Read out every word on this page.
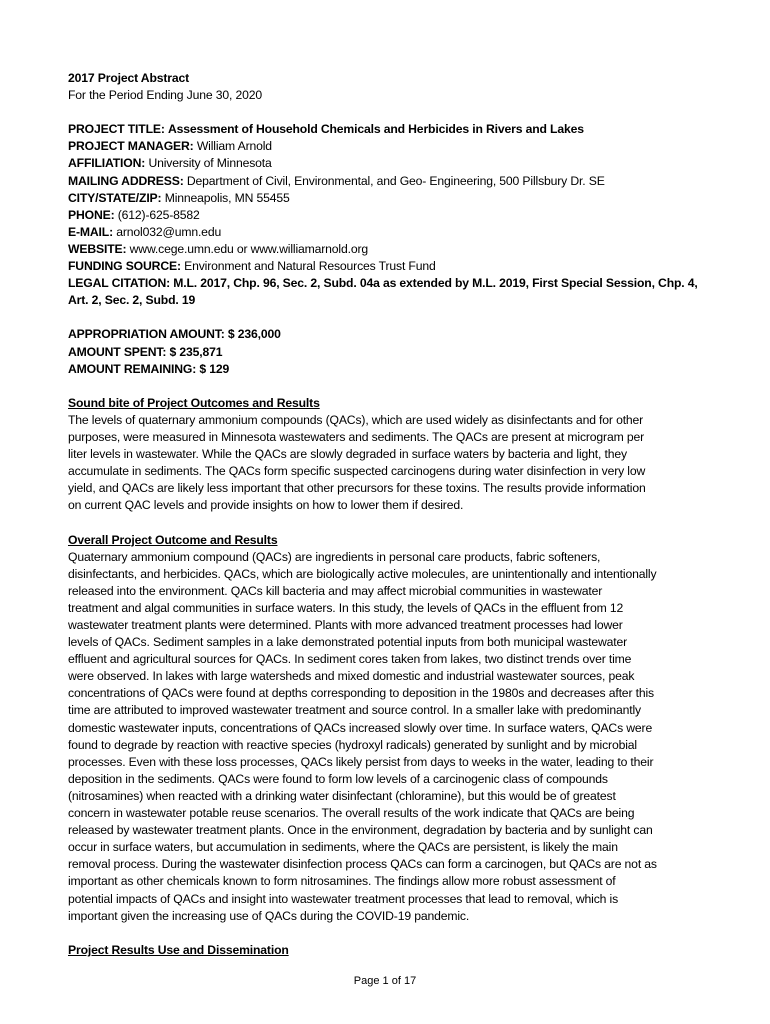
2017 Project Abstract
For the Period Ending June 30, 2020
PROJECT TITLE: Assessment of Household Chemicals and Herbicides in Rivers and Lakes
PROJECT MANAGER: William Arnold
AFFILIATION: University of Minnesota
MAILING ADDRESS: Department of Civil, Environmental, and Geo- Engineering, 500 Pillsbury Dr. SE
CITY/STATE/ZIP: Minneapolis, MN 55455
PHONE: (612)-625-8582
E-MAIL: arnol032@umn.edu
WEBSITE: www.cege.umn.edu or www.williamarnold.org
FUNDING SOURCE: Environment and Natural Resources Trust Fund
LEGAL CITATION: M.L. 2017, Chp. 96, Sec. 2, Subd. 04a as extended by M.L. 2019, First Special Session, Chp. 4,
Art. 2, Sec. 2, Subd. 19
APPROPRIATION AMOUNT: $ 236,000
AMOUNT SPENT: $ 235,871
AMOUNT REMAINING: $ 129
Sound bite of Project Outcomes and Results
The levels of quaternary ammonium compounds (QACs), which are used widely as disinfectants and for other
purposes, were measured in Minnesota wastewaters and sediments. The QACs are present at microgram per
liter levels in wastewater. While the QACs are slowly degraded in surface waters by bacteria and light, they
accumulate in sediments. The QACs form specific suspected carcinogens during water disinfection in very low
yield, and QACs are likely less important that other precursors for these toxins. The results provide information
on current QAC levels and provide insights on how to lower them if desired.
Overall Project Outcome and Results
Quaternary ammonium compound (QACs) are ingredients in personal care products, fabric softeners,
disinfectants, and herbicides. QACs, which are biologically active molecules, are unintentionally and intentionally
released into the environment. QACs kill bacteria and may affect microbial communities in wastewater
treatment and algal communities in surface waters. In this study, the levels of QACs in the effluent from 12
wastewater treatment plants were determined. Plants with more advanced treatment processes had lower
levels of QACs. Sediment samples in a lake demonstrated potential inputs from both municipal wastewater
effluent and agricultural sources for QACs. In sediment cores taken from lakes, two distinct trends over time
were observed. In lakes with large watersheds and mixed domestic and industrial wastewater sources, peak
concentrations of QACs were found at depths corresponding to deposition in the 1980s and decreases after this
time are attributed to improved wastewater treatment and source control. In a smaller lake with predominantly
domestic wastewater inputs, concentrations of QACs increased slowly over time. In surface waters, QACs were
found to degrade by reaction with reactive species (hydroxyl radicals) generated by sunlight and by microbial
processes. Even with these loss processes, QACs likely persist from days to weeks in the water, leading to their
deposition in the sediments. QACs were found to form low levels of a carcinogenic class of compounds
(nitrosamines) when reacted with a drinking water disinfectant (chloramine), but this would be of greatest
concern in wastewater potable reuse scenarios. The overall results of the work indicate that QACs are being
released by wastewater treatment plants. Once in the environment, degradation by bacteria and by sunlight can
occur in surface waters, but accumulation in sediments, where the QACs are persistent, is likely the main
removal process. During the wastewater disinfection process QACs can form a carcinogen, but QACs are not as
important as other chemicals known to form nitrosamines. The findings allow more robust assessment of
potential impacts of QACs and insight into wastewater treatment processes that lead to removal, which is
important given the increasing use of QACs during the COVID-19 pandemic.
Project Results Use and Dissemination
Page 1 of 17
